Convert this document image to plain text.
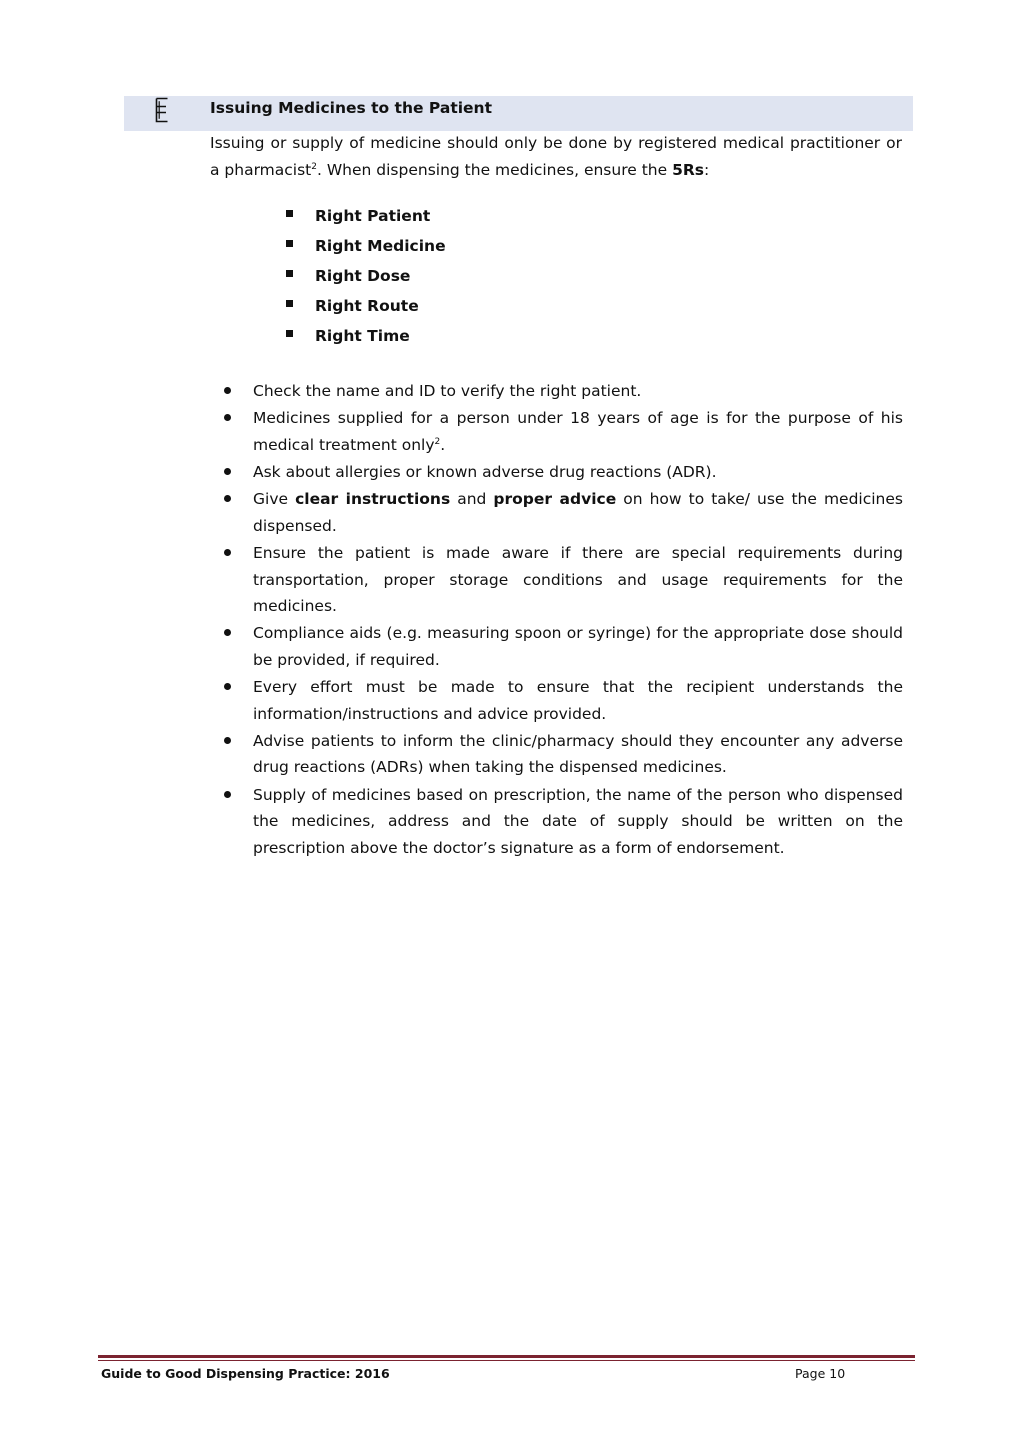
Issuing Medicines to the Patient

Issuing or supply of medicine should only be done by registered medical practitioner or a pharmacist$^2$. When dispensing the medicines, ensure the 5Rs:

Right Patient
Right Medicine
Right Dose
Right Route
Right Time
Check the name and ID to verify the right patient.
Medicines supplied for a person under 18 years of age is for the purpose of his medical treatment only$^2$.
Ask about allergies or known adverse drug reactions (ADR).
Give clear instructions and proper advice on how to take/ use the medicines dispensed.
Ensure the patient is made aware if there are special requirements during transportation, proper storage conditions and usage requirements for the medicines.
Compliance aids (e.g. measuring spoon or syringe) for the appropriate dose should be provided, if required.
Every effort must be made to ensure that the recipient understands the information/instructions and advice provided.
Advise patients to inform the clinic/pharmacy should they encounter any adverse drug reactions (ADRs) when taking the dispensed medicines.
Supply of medicines based on prescription, the name of the person who dispensed the medicines, address and the date of supply should be written on the prescription above the doctor’s signature as a form of endorsement.
Guide to Good Dispensing Practice: 2016	Page 10
